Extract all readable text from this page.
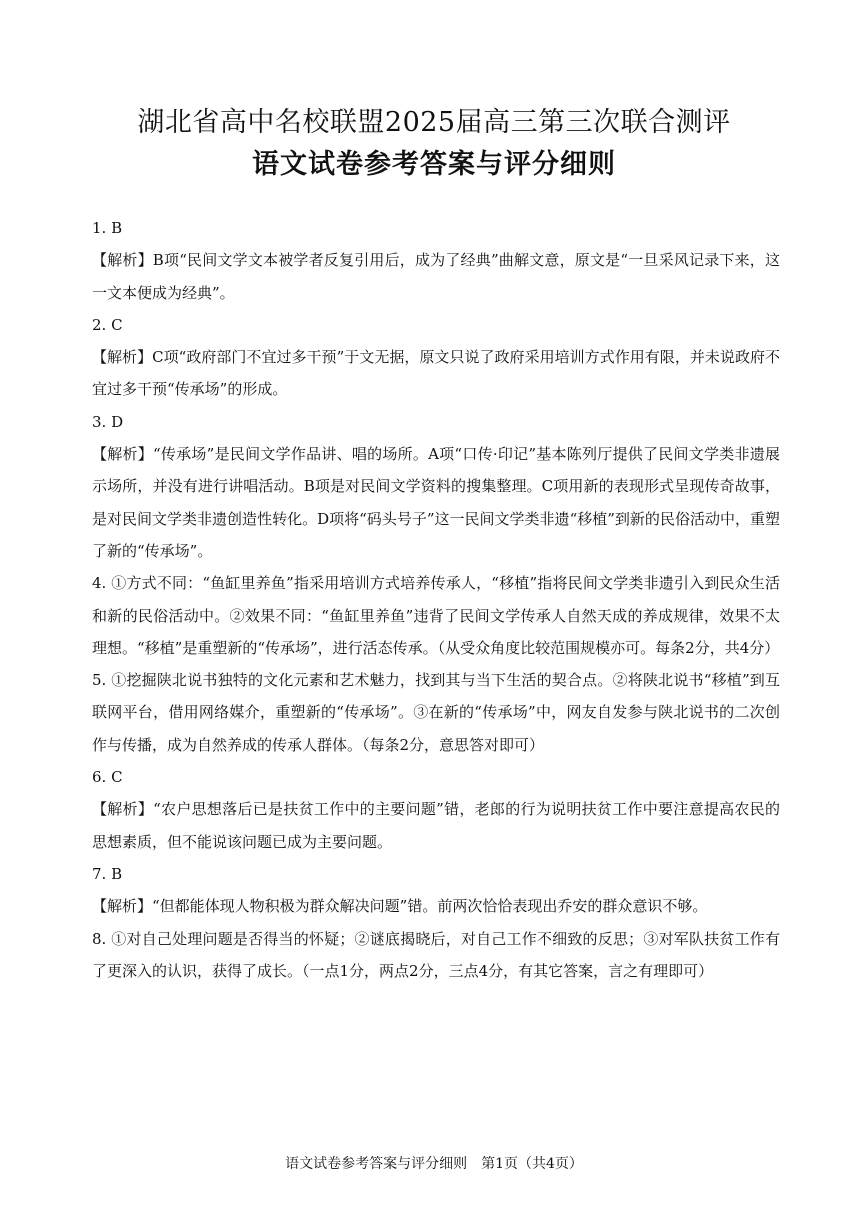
湖北省高中名校联盟2025届高三第三次联合测评
语文试卷参考答案与评分细则
1. B
【解析】B项“民间文学文本被学者反复引用后，成为了经典”曲解文意，原文是“一旦采风记录下来，这一文本便成为经典”。
2. C
【解析】C项“政府部门不宜过多干预”于文无据，原文只说了政府采用培训方式作用有限，并未说政府不宜过多干预“传承场”的形成。
3. D
【解析】“传承场”是民间文学作品讲、唱的场所。A项“口传·印记”基本陈列厅提供了民间文学类非遗展示场所，并没有进行讲唱活动。B项是对民间文学资料的搜集整理。C项用新的表现形式呈现传奇故事，是对民间文学类非遗创造性转化。D项将“码头号子”这一民间文学类非遗“移植”到新的民俗活动中，重塑了新的“传承场”。
4. ①方式不同：“鱼缸里养鱼”指采用培训方式培养传承人，“移植”指将民间文学类非遗引入到民众生活和新的民俗活动中。②效果不同：“鱼缸里养鱼”违背了民间文学传承人自然天成的养成规律，效果不太理想。“移植”是重塑新的“传承场”，进行活态传承。（从受众角度比较范围规模亦可。每条2分，共4分）
5. ①挖掘陕北说书独特的文化元素和艺术魅力，找到其与当下生活的契合点。②将陕北说书“移植”到互联网平台，借用网络媒介，重塑新的“传承场”。③在新的“传承场”中，网友自发参与陕北说书的二次创作与传播，成为自然养成的传承人群体。（每条2分，意思答对即可）
6. C
【解析】“农户思想落后已是扶贫工作中的主要问题”错，老郎的行为说明扶贫工作中要注意提高农民的思想素质，但不能说该问题已成为主要问题。
7. B
【解析】“但都能体现人物积极为群众解决问题”错。前两次恰恰表现出乔安的群众意识不够。
8. ①对自己处理问题是否得当的怀疑；②谜底揭晓后，对自己工作不细致的反思；③对军队扶贫工作有了更深入的认识，获得了成长。（一点1分，两点2分，三点4分，有其它答案，言之有理即可）
语文试卷参考答案与评分细则　第1页（共4页）
